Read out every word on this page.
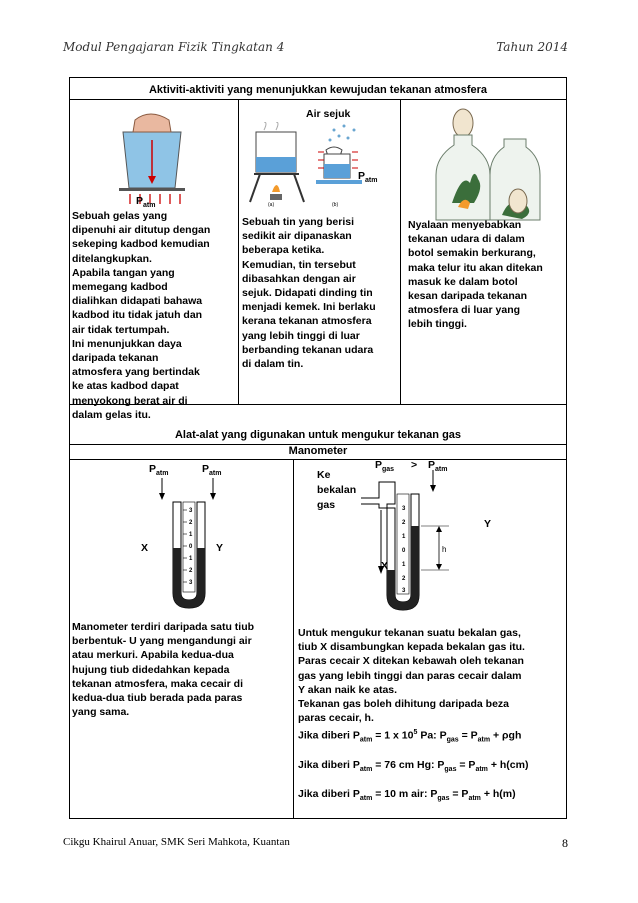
Modul Pengajaran Fizik Tingkatan 4	Tahun 2014
Aktiviti-aktiviti yang menunjukkan kewujudan tekanan atmosfera
$P_{atm}$
Sebuah gelas yang
dipenuhi air ditutup dengan
sekeping kadbod kemudian
ditelangkupkan.
Apabila tangan yang
memegang kadbod
dialihkan didapati bahawa
kadbod itu tidak jatuh dan
air tidak tertumpah.
Ini menunjukkan daya
daripada tekanan
atmosfera yang bertindak
ke atas kadbod dapat
menyokong berat air di
dalam gelas itu.
Air sejuk
(a)	(b)
$P_{atm}$
Sebuah tin yang berisi
sedikit air dipanaskan
beberapa ketika.
Kemudian, tin tersebut
dibasahkan dengan air
sejuk. Didapati dinding tin
menjadi kemek. Ini berlaku
kerana tekanan atmosfera
yang lebih tinggi di luar
berbanding tekanan udara
di dalam tin.
Nyalaan menyebabkan
tekanan udara di dalam
botol semakin berkurang,
maka telur itu akan ditekan
masuk ke dalam botol
kesan daripada tekanan
atmosfera di luar yang
lebih tinggi.
Alat-alat yang digunakan untuk mengukur tekanan gas
Manometer
$P_{atm}$	$P_{atm}$
3
2
1
0
1
2
3
X	Y
Manometer terdiri daripada satu tiub
berbentuk- U yang mengandungi air
atau merkuri. Apabila kedua-dua
hujung tiub didedahkan kepada
tekanan atmosfera, maka cecair di
kedua-dua tiub berada pada paras
yang sama.
Ke
bekalan
gas
$P_{gas} > P_{atm}$
3
2
1
0
1
2
3
h
Y
X
Untuk mengukur tekanan suatu bekalan gas,
tiub X disambungkan kepada bekalan gas itu.
Paras cecair X ditekan kebawah oleh tekanan
gas yang lebih tinggi dan paras cecair dalam
Y akan naik ke atas.
Tekanan gas boleh dihitung daripada beza
paras cecair, h.
Jika diberi $P_{atm} = 1$ x $10^5$ Pa: $P_{gas} = P_{atm} + \rho gh$
Jika diberi $P_{atm} = 76$ cm Hg: $P_{gas} = P_{atm} + h(cm)$
Jika diberi $P_{atm} = 10$ m air: $P_{gas} = P_{atm} + h(m)$
Cikgu Khairul Anuar, SMK Seri Mahkota, Kuantan	8
